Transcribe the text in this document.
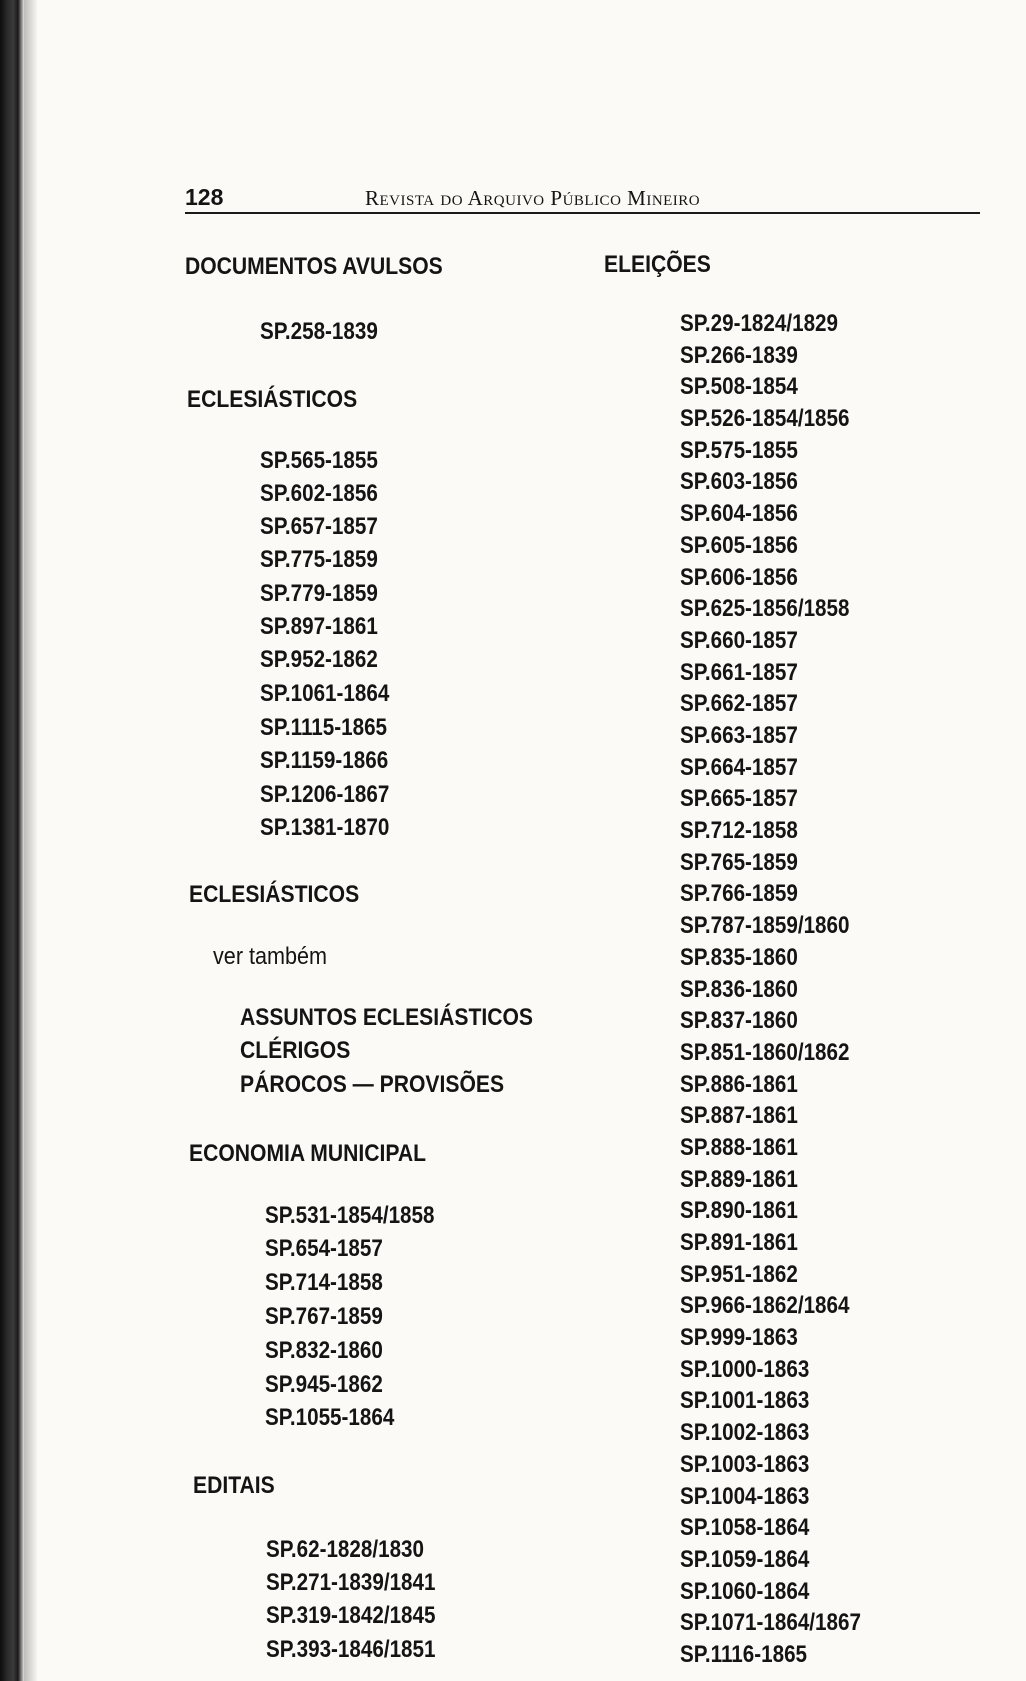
128	Revista do Arquivo Público Mineiro
DOCUMENTOS AVULSOS
SP.258-1839
ECLESIÁSTICOS
SP.565-1855
SP.602-1856
SP.657-1857
SP.775-1859
SP.779-1859
SP.897-1861
SP.952-1862
SP.1061-1864
SP.1115-1865
SP.1159-1866
SP.1206-1867
SP.1381-1870
ECLESIÁSTICOS
ver também
ASSUNTOS ECLESIÁSTICOS
CLÉRIGOS
PÁROCOS — PROVISÕES
ECONOMIA MUNICIPAL
SP.531-1854/1858
SP.654-1857
SP.714-1858
SP.767-1859
SP.832-1860
SP.945-1862
SP.1055-1864
EDITAIS
SP.62-1828/1830
SP.271-1839/1841
SP.319-1842/1845
SP.393-1846/1851
ELEIÇÕES
SP.29-1824/1829
SP.266-1839
SP.508-1854
SP.526-1854/1856
SP.575-1855
SP.603-1856
SP.604-1856
SP.605-1856
SP.606-1856
SP.625-1856/1858
SP.660-1857
SP.661-1857
SP.662-1857
SP.663-1857
SP.664-1857
SP.665-1857
SP.712-1858
SP.765-1859
SP.766-1859
SP.787-1859/1860
SP.835-1860
SP.836-1860
SP.837-1860
SP.851-1860/1862
SP.886-1861
SP.887-1861
SP.888-1861
SP.889-1861
SP.890-1861
SP.891-1861
SP.951-1862
SP.966-1862/1864
SP.999-1863
SP.1000-1863
SP.1001-1863
SP.1002-1863
SP.1003-1863
SP.1004-1863
SP.1058-1864
SP.1059-1864
SP.1060-1864
SP.1071-1864/1867
SP.1116-1865
